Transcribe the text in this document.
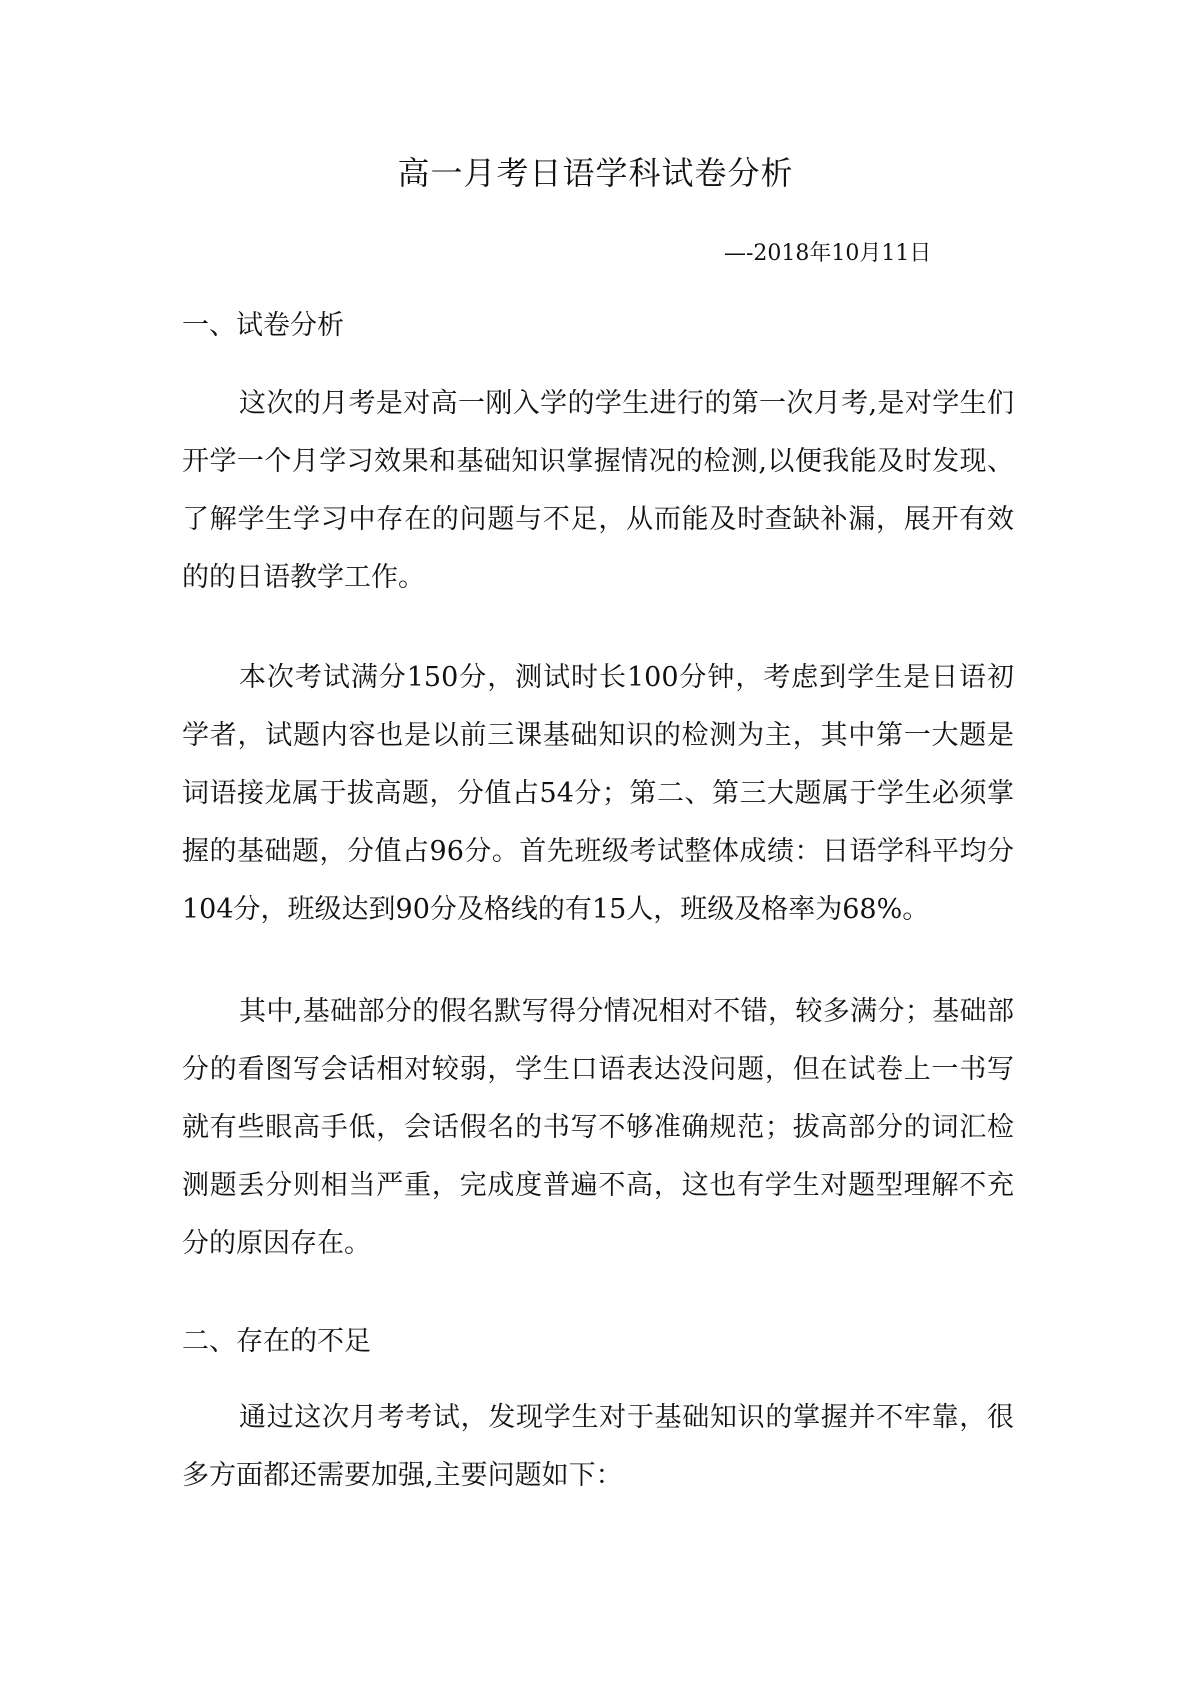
高一月考日语学科试卷分析
—-2018年10月11日
一、试卷分析

这次的月考是对高一刚入学的学生进行的第一次月考,是对学生们开学一个月学习效果和基础知识掌握情况的检测,以便我能及时发现、了解学生学习中存在的问题与不足，从而能及时查缺补漏，展开有效的的日语教学工作。

本次考试满分150分，测试时长100分钟，考虑到学生是日语初学者，试题内容也是以前三课基础知识的检测为主，其中第一大题是词语接龙属于拔高题，分值占54分；第二、第三大题属于学生必须掌握的基础题，分值占96分。首先班级考试整体成绩：日语学科平均分104分，班级达到90分及格线的有15人，班级及格率为68%。

其中,基础部分的假名默写得分情况相对不错，较多满分；基础部分的看图写会话相对较弱，学生口语表达没问题，但在试卷上一书写就有些眼高手低，会话假名的书写不够准确规范；拔高部分的词汇检测题丢分则相当严重，完成度普遍不高，这也有学生对题型理解不充分的原因存在。

二、存在的不足

通过这次月考考试，发现学生对于基础知识的掌握并不牢靠，很多方面都还需要加强,主要问题如下：
